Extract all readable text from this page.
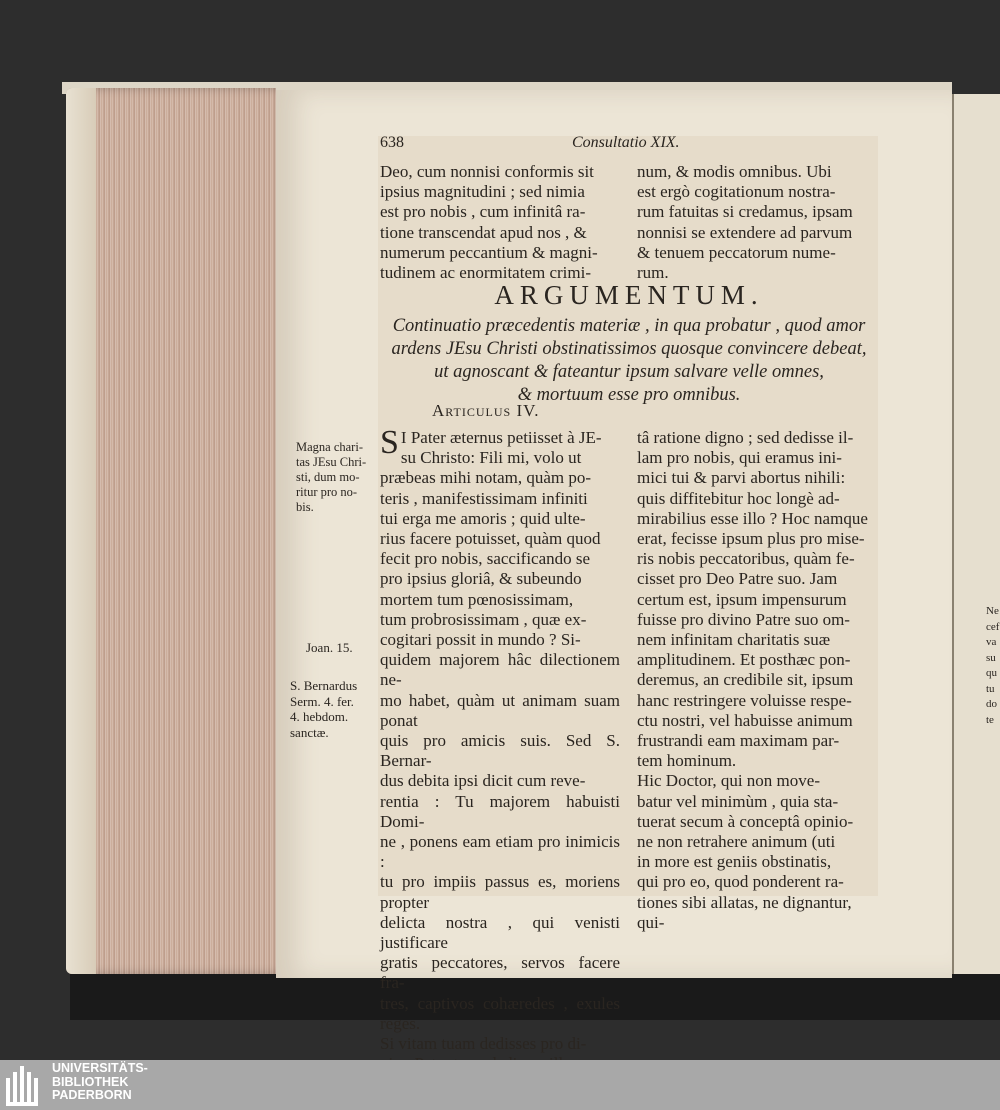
638	Consultatio XIX.

Deo, cum nonnisi conformis sit
ipsius magnitudini ; sed nimia
est pro nobis , cum infinitâ ra-
tione transcendat apud nos , &
numerum peccantium & magni-
tudinem ac enormitatem crimi-

num, & modis omnibus. Ubi
est ergò cogitationum nostra-
rum fatuitas si credamus, ipsam
nonnisi se extendere ad parvum
& tenuem peccatorum nume-
rum.

ARGUMENTUM.
Continuatio præcedentis materiæ , in qua probatur , quod amor
ardens JEsu Christi obstinatissimos quosque convincere debeat,
ut agnoscant & fateantur ipsum salvare velle omnes,
& mortuum esse pro omnibus.
Articulus IV.
S I Pater æternus petiisset à JE-
su Christo: Fili mi, volo ut
præbeas mihi notam, quàm po-
teris , manifestissimam infiniti
tui erga me amoris ; quid ulte-
rius facere potuisset, quàm quod
fecit pro nobis, saccificando se
pro ipsius gloriâ, & subeundo
mortem tum pœnosissimam,
tum probrosissimam , quæ ex-
cogitari possit in mundo ? Si-
quidem majorem hâc dilectionem ne-
mo habet, quàm ut animam suam ponat
quis pro amicis suis. Sed S. Bernar-
dus debita ipsi dicit cum reve-
rentia : Tu majorem habuisti Domi-
ne , ponens eam etiam pro inimicis :
tu pro impiis passus es, moriens propter
delicta nostra , qui venisti justificare
gratis peccatores, servos facere fra-
tres, captivos cohæredes , exules reges.
Si vitam tuam dedisses pro di-

tâ ratione digno ; sed dedisse il-
lam pro nobis, qui eramus ini-
mici tui & parvi abortus nihili:
quis diffitebitur hoc longè ad-
mirabilius esse illo ? Hoc namque
erat, fecisse ipsum plus pro mise-
ris nobis peccatoribus, quàm fe-
cisset pro Deo Patre suo. Jam
certum est, ipsum impensurum
fuisse pro divino Patre suo om-
nem infinitam charitatis suæ
amplitudinem. Et posthæc pon-
deremus, an credibile sit, ipsum
hanc restringere voluisse respe-
ctu nostri, vel habuisse animum
frustrandi eam maximam par-
tem hominum.
Hic Doctor, qui non move-
batur vel minimùm , quia sta-
tuerat secum à conceptâ opinio-
ne non retrahere animum (uti
in more est geniis obstinatis,
qui pro eo, quod ponderent ra-
tiones sibi allatas, ne dignantur,
qui-

Magna chari-
tas JEsu Chri-
sti, dum mo-
ritur pro no-
bis.
Joan. 15.
S. Bernardus
Serm. 4. fer.
4. hebdom.
sanctæ.
Ne
cef
va
su
qu
tu
do
te
UNIVERSITÄTS-
BIBLIOTHEK
PADERBORN
